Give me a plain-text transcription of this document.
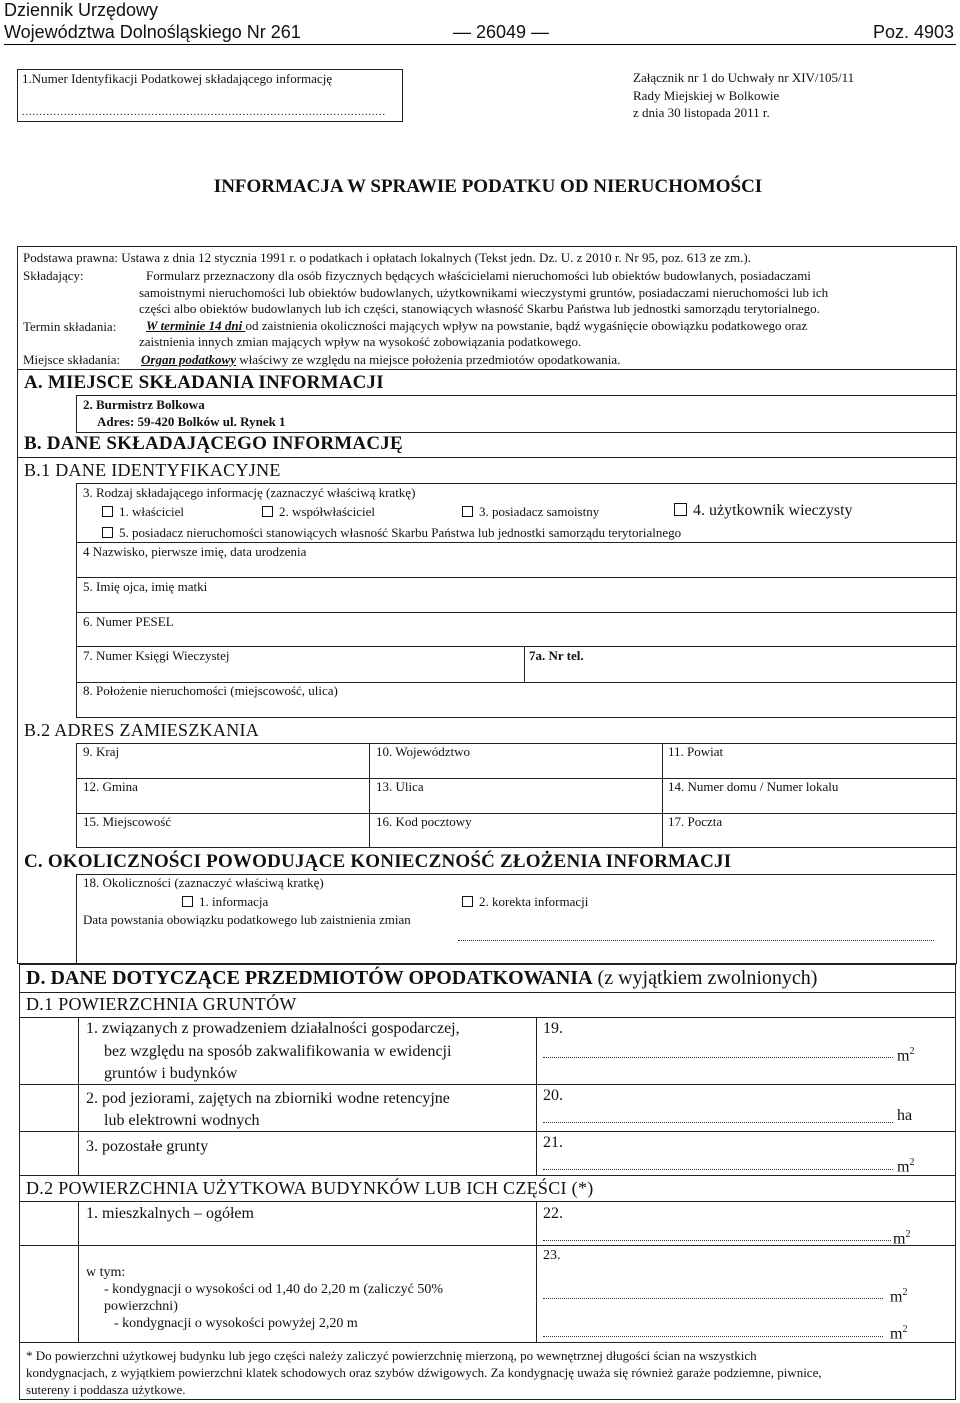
Dziennik Urzędowy
Województwa Dolnośląskiego Nr 261	— 26049 —	Poz. 4903
1.Numer Identyfikacji Podatkowej składającego informację
........................................................................................................
Załącznik nr 1 do Uchwały nr XIV/105/11
Rady Miejskiej w Bolkowie
z dnia 30 listopada 2011 r.
INFORMACJA W SPRAWIE PODATKU OD NIERUCHOMOŚCI
Podstawa prawna: Ustawa z dnia 12 stycznia 1991 r. o podatkach i opłatach lokalnych (Tekst jedn. Dz. U. z 2010 r. Nr 95, poz. 613 ze zm.).
Składający:	Formularz przeznaczony dla osób fizycznych będących właścicielami nieruchomości lub obiektów budowlanych, posiadaczami
samoistnymi nieruchomości lub obiektów budowlanych, użytkownikami wieczystymi gruntów, posiadaczami nieruchomości lub ich
części albo obiektów budowlanych lub ich części, stanowiących własność Skarbu Państwa lub jednostki samorządu terytorialnego.
Termin składania: W terminie 14 dni od zaistnienia okoliczności mających wpływ na powstanie, bądź wygaśnięcie obowiązku podatkowego oraz
zaistnienia innych zmian mających wpływ na wysokość zobowiązania podatkowego.
Miejsce składania: Organ podatkowy właściwy ze względu na miejsce położenia przedmiotów opodatkowania.
A. MIEJSCE SKŁADANIA INFORMACJI
2. Burmistrz Bolkowa
Adres: 59-420 Bolków ul. Rynek 1
B. DANE SKŁADAJĄCEGO INFORMACJĘ
B.1 DANE IDENTYFIKACYJNE
3. Rodzaj składającego informację (zaznaczyć właściwą kratkę)
1. właściciel	2. współwłaściciel	3. posiadacz samoistny	4. użytkownik wieczysty
5. posiadacz nieruchomości stanowiących własność Skarbu Państwa lub jednostki samorządu terytorialnego
4 Nazwisko, pierwsze imię, data urodzenia
5. Imię ojca, imię matki
6. Numer PESEL
7. Numer Księgi Wieczystej	7a. Nr tel.
8. Położenie nieruchomości (miejscowość, ulica)
B.2 ADRES ZAMIESZKANIA
9. Kraj	10. Województwo	11. Powiat
12. Gmina	13. Ulica	14. Numer domu / Numer lokalu
15. Miejscowość	16. Kod pocztowy	17. Poczta
C. OKOLICZNOŚCI POWODUJĄCE KONIECZNOŚĆ ZŁOŻENIA INFORMACJI
18. Okoliczności (zaznaczyć właściwą kratkę)
1. informacja	2. korekta informacji
Data powstania obowiązku podatkowego lub zaistnienia zmian
D. DANE DOTYCZĄCE PRZEDMIOTÓW OPODATKOWANIA (z wyjątkiem zwolnionych)
D.1 POWIERZCHNIA GRUNTÓW
1. związanych z prowadzeniem działalności gospodarczej,
bez względu na sposób zakwalifikowania w ewidencji
gruntów i budynków
19.
$m^2$
2. pod jeziorami, zajętych na zbiorniki wodne retencyjne
lub elektrowni wodnych
20.
ha
3. pozostałe grunty	21.
$m^2$
D.2 POWIERZCHNIA UŻYTKOWA BUDYNKÓW LUB ICH CZĘŚCI (*)
1. mieszkalnych – ogółem	22.
$m^2$
w tym:
- kondygnacji o wysokości od 1,40 do 2,20 m (zaliczyć 50%
powierzchni)
- kondygnacji o wysokości powyżej 2,20 m
23.
$m^2$
$m^2$
* Do powierzchni użytkowej budynku lub jego części należy zaliczyć powierzchnię mierzoną, po wewnętrznej długości ścian na wszystkich
kondygnacjach, z wyjątkiem powierzchni klatek schodowych oraz szybów dźwigowych. Za kondygnację uważa się również garaże podziemne, piwnice,
sutereny i poddasza użytkowe.
